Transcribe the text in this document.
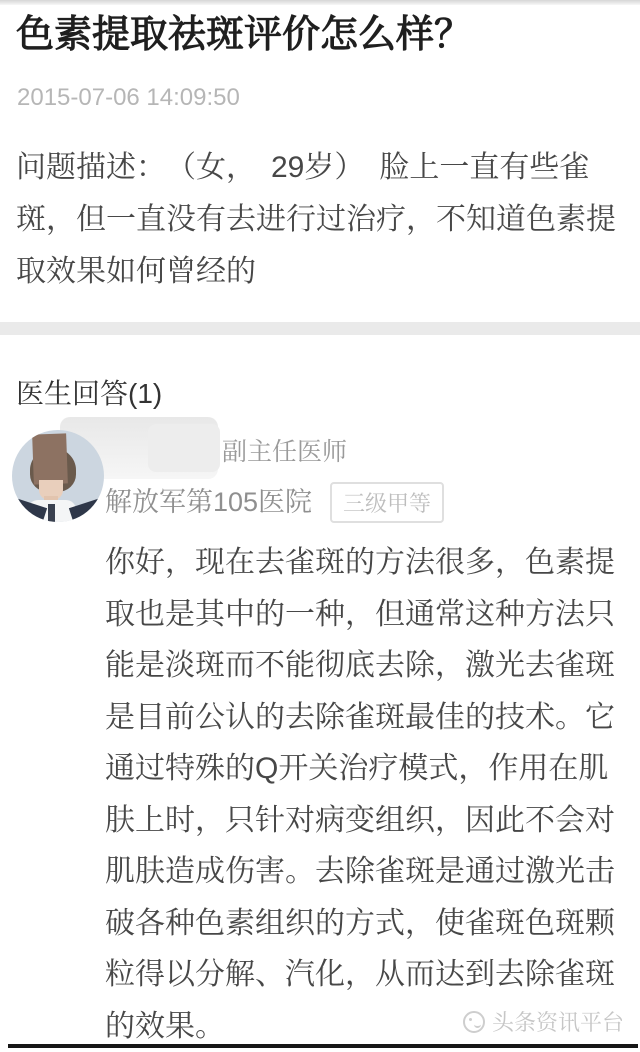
色素提取祛斑评价怎么样？
2015-07-06 14:09:50
问题描述：　（女，　29岁）　脸上一直有些雀
斑，但一直没有去进行过治疗，不知道色素提
取效果如何曾经的
医生回答(1)
副主任医师
解放军第105医院	三级甲等
你好，现在去雀斑的方法很多，色素提
取也是其中的一种，但通常这种方法只
能是淡斑而不能彻底去除，激光去雀斑
是目前公认的去除雀斑最佳的技术。它
通过特殊的Q开关治疗模式，作用在肌
肤上时，只针对病变组织，因此不会对
肌肤造成伤害。去除雀斑是通过激光击
破各种色素组织的方式，使雀斑色斑颗
粒得以分解、汽化，从而达到去除雀斑
的效果。	头条资讯平台
